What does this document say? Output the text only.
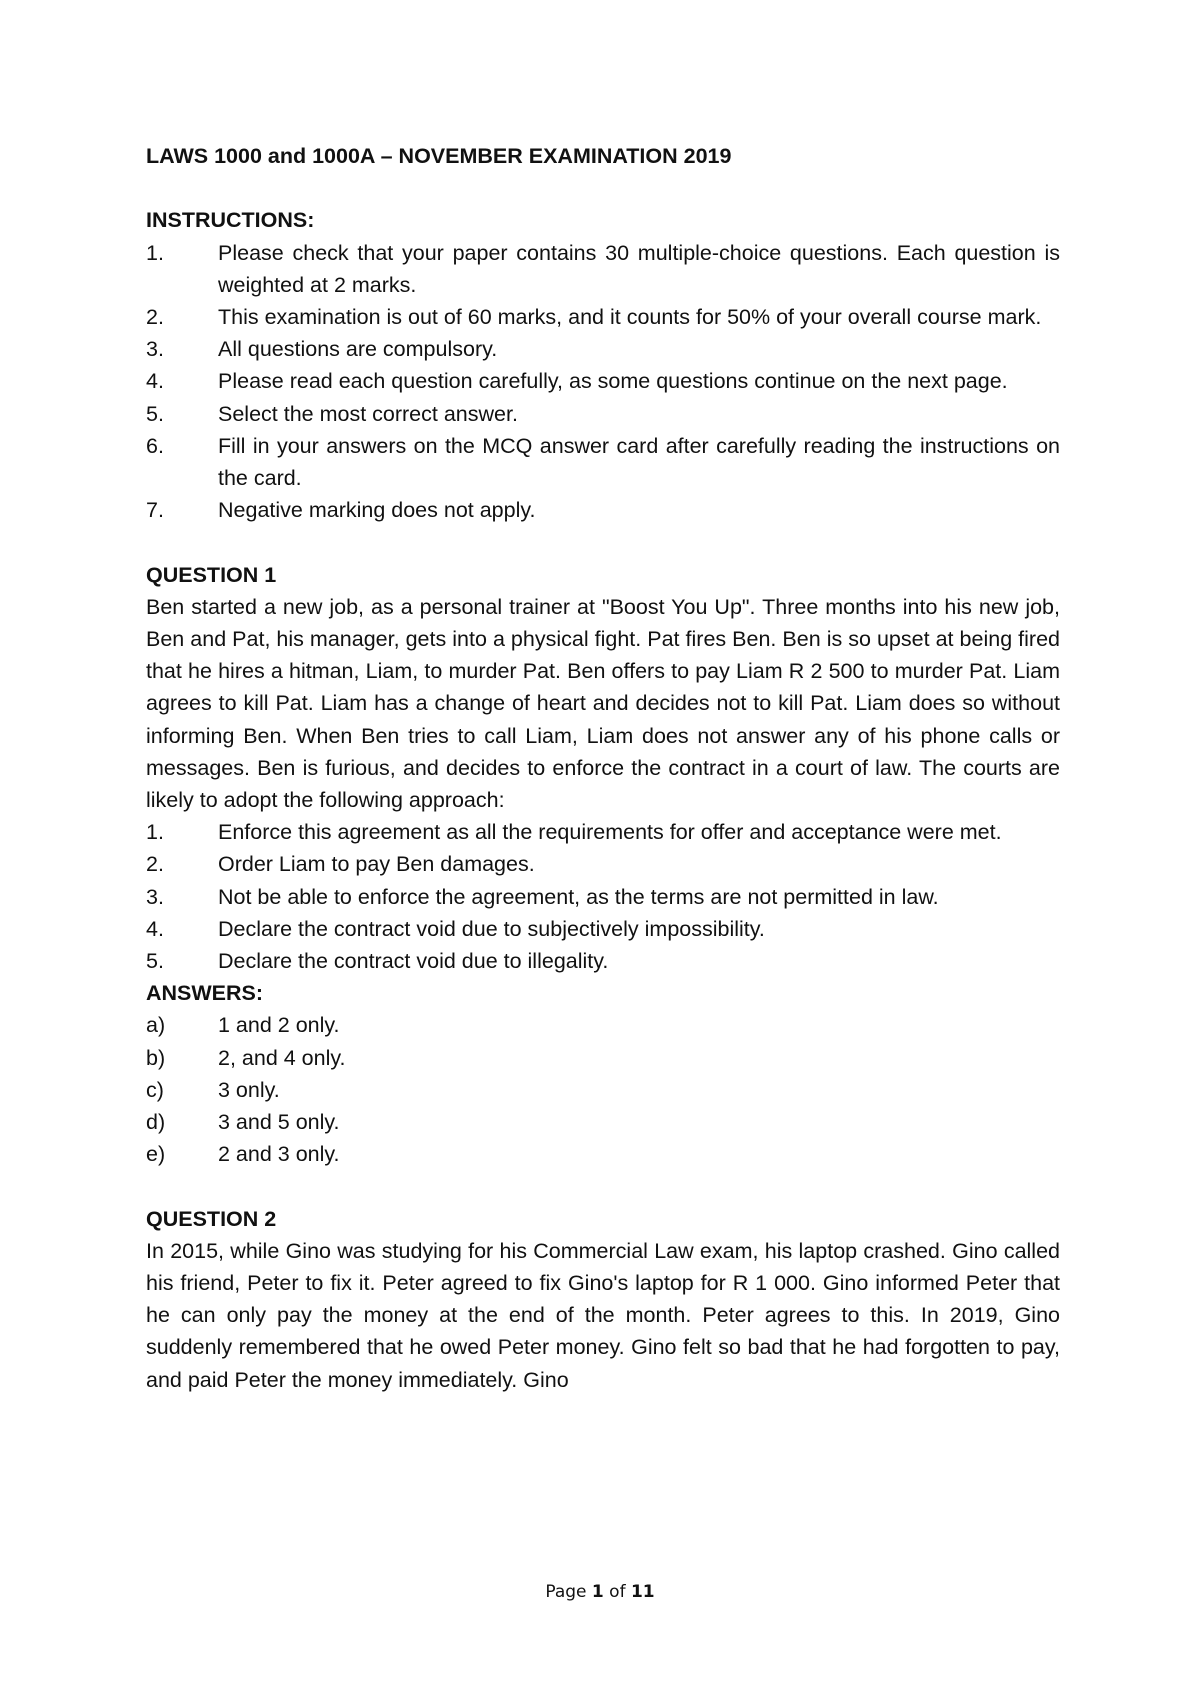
LAWS 1000 and 1000A – NOVEMBER EXAMINATION 2019

INSTRUCTIONS:

1.	Please check that your paper contains 30 multiple-choice questions. Each question is weighted at 2 marks.
2.	This examination is out of 60 marks, and it counts for 50% of your overall course mark.
3.	All questions are compulsory.
4.	Please read each question carefully, as some questions continue on the next page.
5.	Select the most correct answer.
6.	Fill in your answers on the MCQ answer card after carefully reading the instructions on the card.
7.	Negative marking does not apply.

QUESTION 1

Ben started a new job, as a personal trainer at "Boost You Up". Three months into his new job, Ben and Pat, his manager, gets into a physical fight. Pat fires Ben. Ben is so upset at being fired that he hires a hitman, Liam, to murder Pat. Ben offers to pay Liam R 2 500 to murder Pat. Liam agrees to kill Pat. Liam has a change of heart and decides not to kill Pat. Liam does so without informing Ben. When Ben tries to call Liam, Liam does not answer any of his phone calls or messages. Ben is furious, and decides to enforce the contract in a court of law. The courts are likely to adopt the following approach:

1.	Enforce this agreement as all the requirements for offer and acceptance were met.
2.	Order Liam to pay Ben damages.
3.	Not be able to enforce the agreement, as the terms are not permitted in law.
4.	Declare the contract void due to subjectively impossibility.
5.	Declare the contract void due to illegality.

ANSWERS:

a)	1 and 2 only.
b)	2, and 4 only.
c)	3 only.
d)	3 and 5 only.
e)	2 and 3 only.

QUESTION 2

In 2015, while Gino was studying for his Commercial Law exam, his laptop crashed. Gino called his friend, Peter to fix it. Peter agreed to fix Gino's laptop for R 1 000. Gino informed Peter that he can only pay the money at the end of the month. Peter agrees to this. In 2019, Gino suddenly remembered that he owed Peter money. Gino felt so bad that he had forgotten to pay, and paid Peter the money immediately. Gino

Page 1 of 11
